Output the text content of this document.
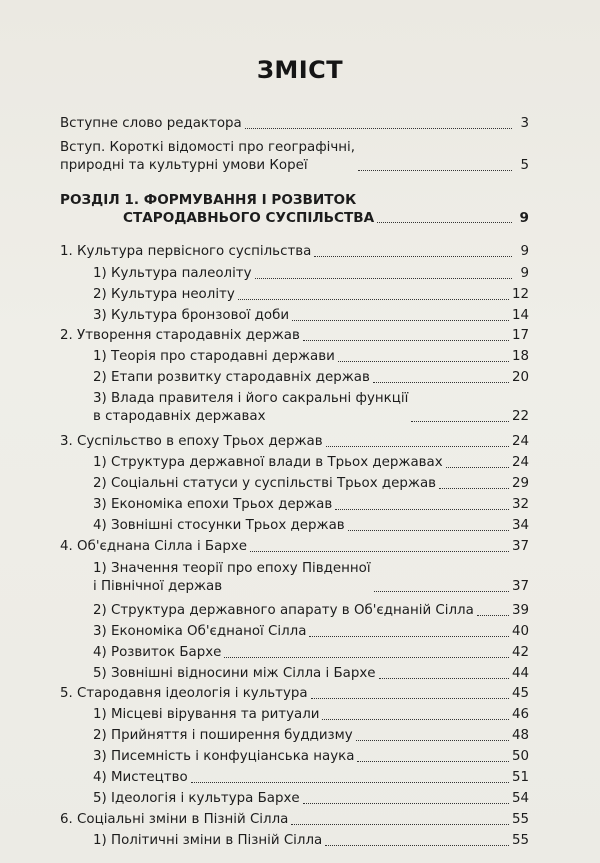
ЗМІСТ
Вступне слово редактора	3
Вступ. Короткі відомості про географічні,
природні та культурні умови Кореї	5
РОЗДІЛ 1. ФОРМУВАННЯ І РОЗВИТОК
СТАРОДАВНЬОГО СУСПІЛЬСТВА	9
1. Культура первісного суспільства	9
1) Культура палеоліту	9
2) Культура неоліту	12
3) Культура бронзової доби	14
2. Утворення стародавніх держав	17
1) Теорія про стародавні держави	18
2) Етапи розвитку стародавніх держав	20
3) Влада правителя і його сакральні функції
в стародавніх державах	22
3. Суспільство в епоху Трьох держав	24
1) Структура державної влади в Трьох державах	24
2) Соціальні статуси у суспільстві Трьох держав	29
3) Економіка епохи Трьох держав	32
4) Зовнішні стосунки Трьох держав	34
4. Об'єднана Сілла і Бархе	37
1) Значення теорії про епоху Південної
і Північної держав	37
2) Структура державного апарату в Об'єднаній Сілла	39
3) Економіка Об'єднаної Сілла	40
4) Розвиток Бархе	42
5) Зовнішні відносини між Сілла і Бархе	44
5. Стародавня ідеологія і культура	45
1) Місцеві вірування та ритуали	46
2) Прийняття і поширення буддизму	48
3) Писемність і конфуціанська наука	50
4) Мистецтво	51
5) Ідеологія і культура Бархе	54
6. Соціальні зміни в Пізній Сілла	55
1) Політичні зміни в Пізній Сілла	55
